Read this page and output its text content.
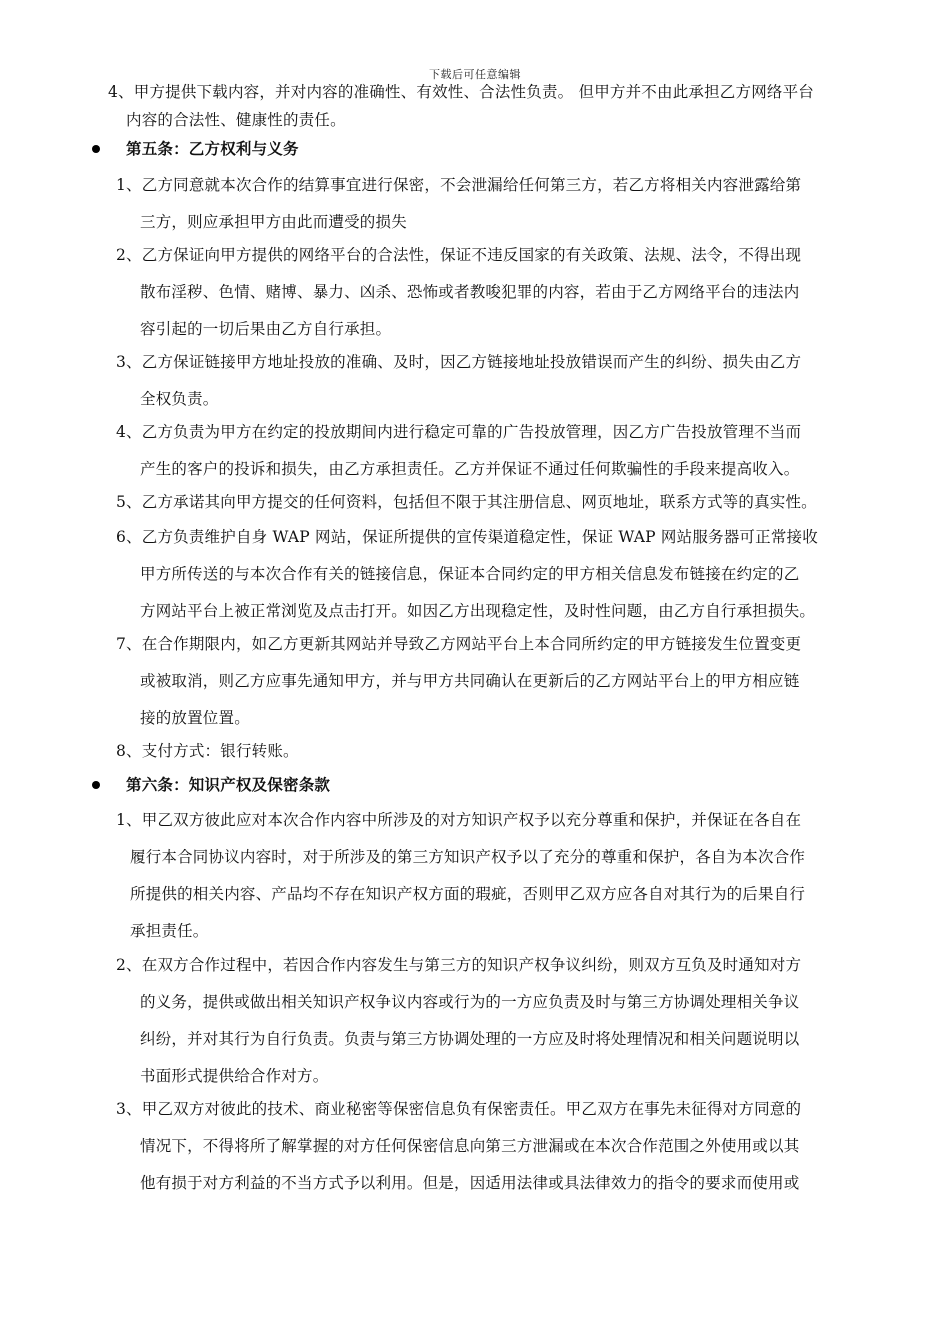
下载后可任意编辑
4、甲方提供下载内容，并对内容的准确性、有效性、合法性负责。 但甲方并不由此承担乙方网络平台
内容的合法性、健康性的责任。
第五条：乙方权利与义务
1、乙方同意就本次合作的结算事宜进行保密，不会泄漏给任何第三方，若乙方将相关内容泄露给第
三方，则应承担甲方由此而遭受的损失
2、乙方保证向甲方提供的网络平台的合法性，保证不违反国家的有关政策、法规、法令，不得出现
散布淫秽、色情、赌博、暴力、凶杀、恐怖或者教唆犯罪的内容，若由于乙方网络平台的违法内
容引起的一切后果由乙方自行承担。
3、乙方保证链接甲方地址投放的准确、及时，因乙方链接地址投放错误而产生的纠纷、损失由乙方
全权负责。
4、乙方负责为甲方在约定的投放期间内进行稳定可靠的广告投放管理，因乙方广告投放管理不当而
产生的客户的投诉和损失，由乙方承担责任。乙方并保证不通过任何欺骗性的手段来提高收入。
5、乙方承诺其向甲方提交的任何资料，包括但不限于其注册信息、网页地址，联系方式等的真实性。
6、乙方负责维护自身 WAP 网站，保证所提供的宣传渠道稳定性，保证 WAP 网站服务器可正常接收
甲方所传送的与本次合作有关的链接信息，保证本合同约定的甲方相关信息发布链接在约定的乙
方网站平台上被正常浏览及点击打开。如因乙方出现稳定性，及时性问题，由乙方自行承担损失。
7、在合作期限内，如乙方更新其网站并导致乙方网站平台上本合同所约定的甲方链接发生位置变更
或被取消，则乙方应事先通知甲方，并与甲方共同确认在更新后的乙方网站平台上的甲方相应链
接的放置位置。
8、支付方式：银行转账。
第六条：知识产权及保密条款
1、甲乙双方彼此应对本次合作内容中所涉及的对方知识产权予以充分尊重和保护，并保证在各自在
履行本合同协议内容时，对于所涉及的第三方知识产权予以了充分的尊重和保护，各自为本次合作
所提供的相关内容、产品均不存在知识产权方面的瑕疵，否则甲乙双方应各自对其行为的后果自行
承担责任。
2、在双方合作过程中，若因合作内容发生与第三方的知识产权争议纠纷，则双方互负及时通知对方
的义务，提供或做出相关知识产权争议内容或行为的一方应负责及时与第三方协调处理相关争议
纠纷，并对其行为自行负责。负责与第三方协调处理的一方应及时将处理情况和相关问题说明以
书面形式提供给合作对方。
3、甲乙双方对彼此的技术、商业秘密等保密信息负有保密责任。甲乙双方在事先未征得对方同意的
情况下，不得将所了解掌握的对方任何保密信息向第三方泄漏或在本次合作范围之外使用或以其
他有损于对方利益的不当方式予以利用。但是，因适用法律或具法律效力的指令的要求而使用或
